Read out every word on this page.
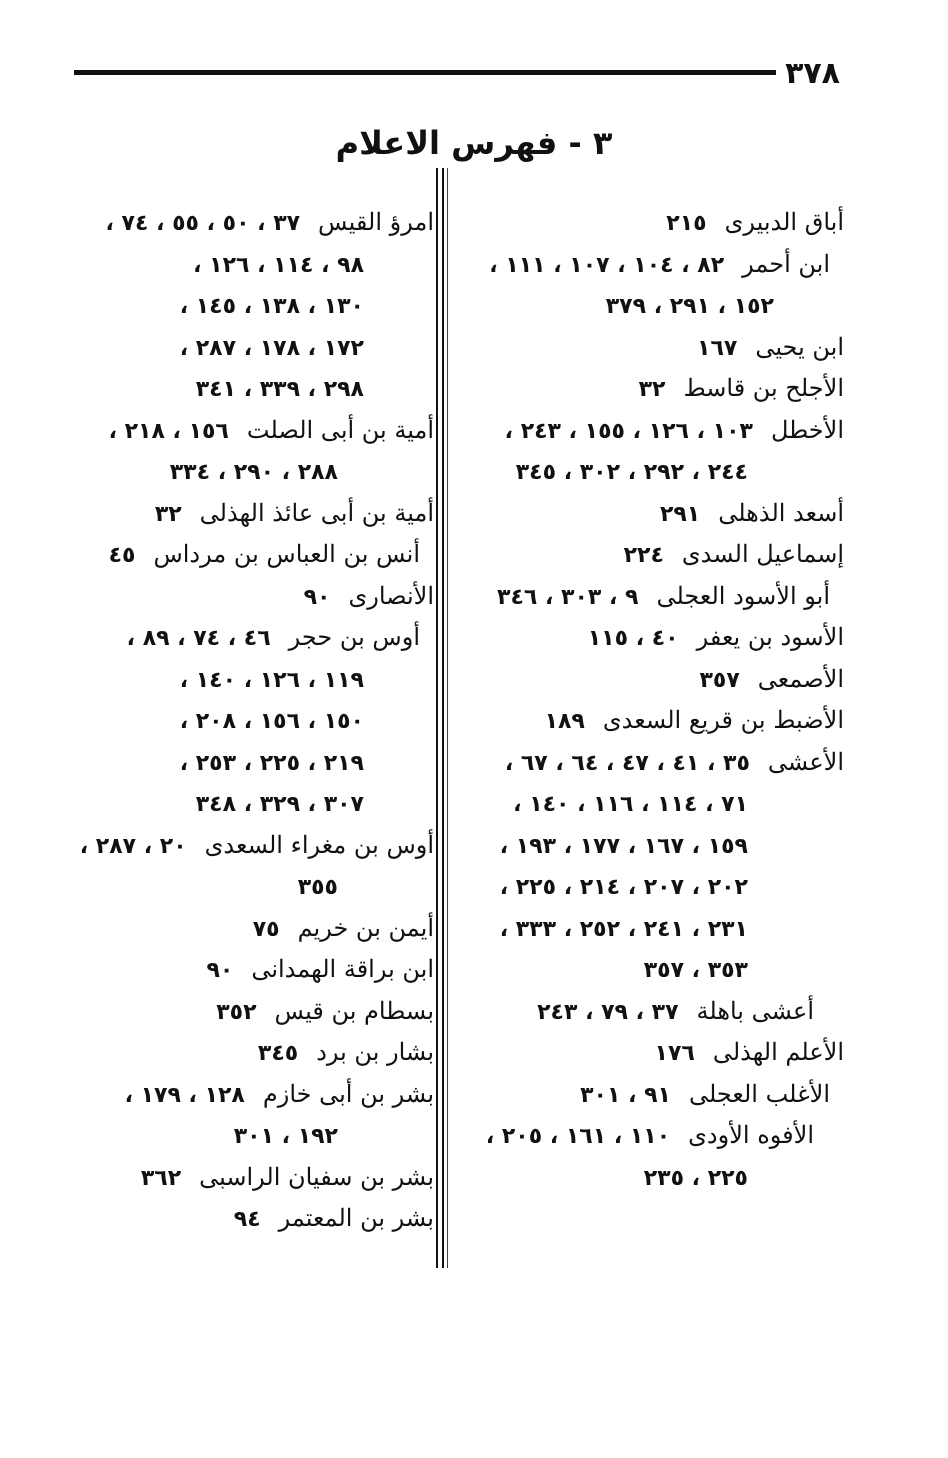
٣٧٨
٣ - فهرس الاعلام
أباق الدبيرى٢١٥
ابن أحمر٨٢ ، ١٠٤ ، ١٠٧ ، ١١١ ،
١٥٢ ، ٢٩١ ، ٣٧٩
ابن يحيى١٦٧
الأجلح بن قاسط٣٢
الأخطل١٠٣ ، ١٢٦ ، ١٥٥ ، ٢٤٣ ،
٢٤٤ ، ٢٩٢ ، ٣٠٢ ، ٣٤٥
أسعد الذهلى٢٩١
إسماعيل السدى٢٢٤
أبو الأسود العجلى٩ ، ٣٠٣ ، ٣٤٦
الأسود بن يعفر٤٠ ، ١١٥
الأصمعى٣٥٧
الأضبط بن قريع السعدى١٨٩
الأعشى٣٥ ، ٤١ ، ٤٧ ، ٦٤ ، ٦٧ ،
٧١ ، ١١٤ ، ١١٦ ، ١٤٠ ،
١٥٩ ، ١٦٧ ، ١٧٧ ، ١٩٣ ،
٢٠٢ ، ٢٠٧ ، ٢١٤ ، ٢٢٥ ،
٢٣١ ، ٢٤١ ، ٢٥٢ ، ٣٣٣ ،
٣٥٣ ، ٣٥٧
أعشى باهلة٣٧ ، ٧٩ ، ٢٤٣
الأعلم الهذلى١٧٦
الأغلب العجلى٩١ ، ٣٠١
الأفوه الأودى١١٠ ، ١٦١ ، ٢٠٥ ،
٢٢٥ ، ٢٣٥
امرؤ القيس٣٧ ، ٥٠ ، ٥٥ ، ٧٤ ،
٩٨ ، ١١٤ ، ١٢٦ ،
١٣٠ ، ١٣٨ ، ١٤٥ ،
١٧٢ ، ١٧٨ ، ٢٨٧ ،
٢٩٨ ، ٣٣٩ ، ٣٤١
أمية بن أبى الصلت١٥٦ ، ٢١٨ ،
٢٨٨ ، ٢٩٠ ، ٣٣٤
أمية بن أبى عائذ الهذلى٣٢
أنس بن العباس بن مرداس٤٥
الأنصارى٩٠
أوس بن حجر٤٦ ، ٧٤ ، ٨٩ ،
١١٩ ، ١٢٦ ، ١٤٠ ،
١٥٠ ، ١٥٦ ، ٢٠٨ ،
٢١٩ ، ٢٢٥ ، ٢٥٣ ،
٣٠٧ ، ٣٢٩ ، ٣٤٨
أوس بن مغراء السعدى٢٠ ، ٢٨٧ ،
٣٥٥
أيمن بن خريم٧٥
ابن براقة الهمدانى٩٠
بسطام بن قيس٣٥٢
بشار بن برد٣٤٥
بشر بن أبى خازم١٢٨ ، ١٧٩ ،
١٩٢ ، ٣٠١
بشر بن سفيان الراسبى٣٦٢
بشر بن المعتمر٩٤
